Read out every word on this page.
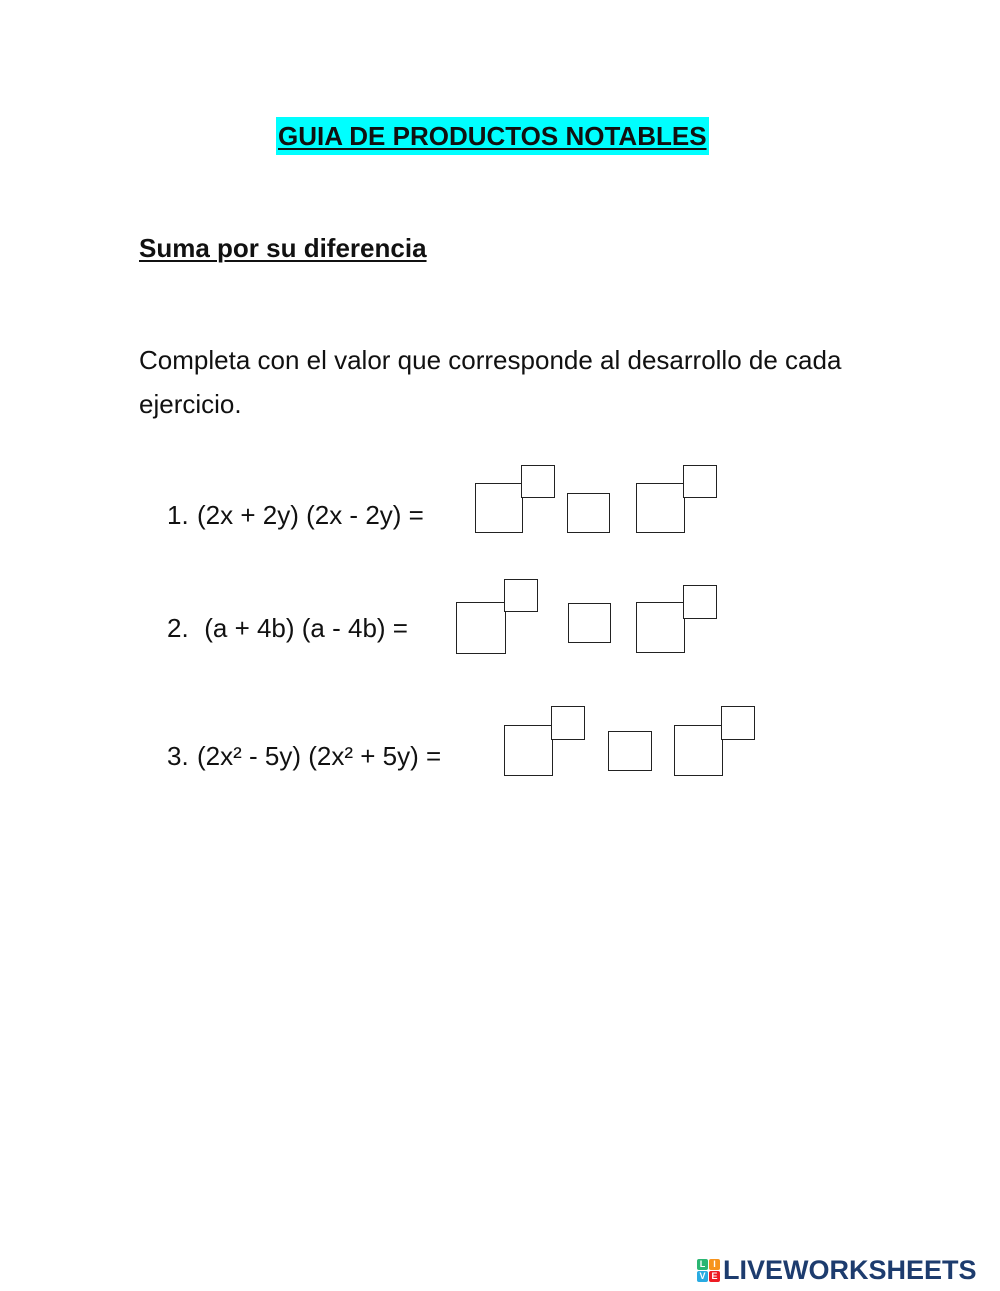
GUIA DE PRODUCTOS NOTABLES
Suma por su diferencia
Completa con el valor que corresponde al desarrollo de cada ejercicio.
1. (2x + 2y) (2x - 2y) =
2. (a + 4b) (a - 4b) =
3. (2x² - 5y) (2x² + 5y) =
L I
V E LIVEWORKSHEETS
